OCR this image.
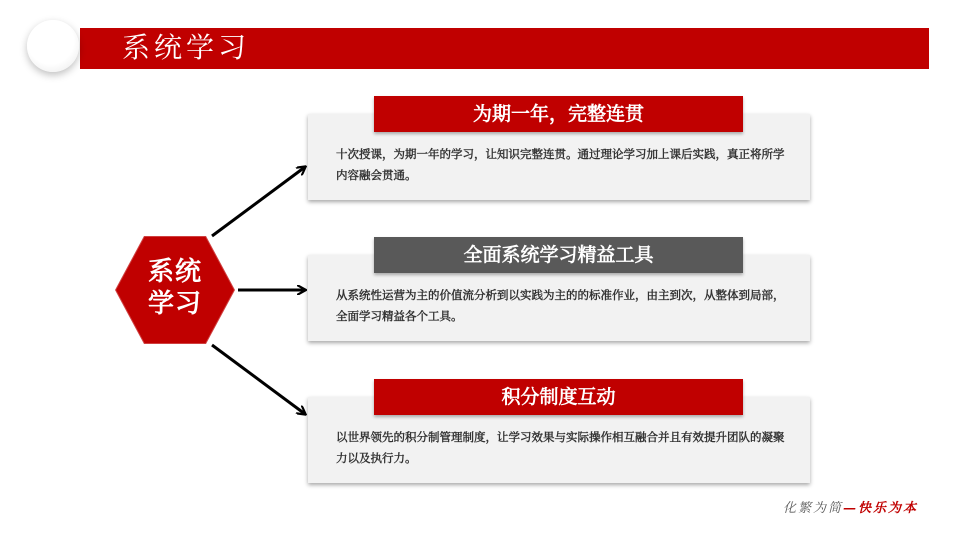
系统学习
系统
学习
十次授课，为期一年的学习，让知识完整连贯。通过理论学习加上课后实践，真正将所学内容融会贯通。
为期一年，完整连贯
从系统性运营为主的价值流分析到以实践为主的的标准作业，由主到次，从整体到局部，全面学习精益各个工具。
全面系统学习精益工具
以世界领先的积分制管理制度，让学习效果与实际操作相互融合并且有效提升团队的凝聚力以及执行力。
积分制度互动
化繁为简—快乐为本
